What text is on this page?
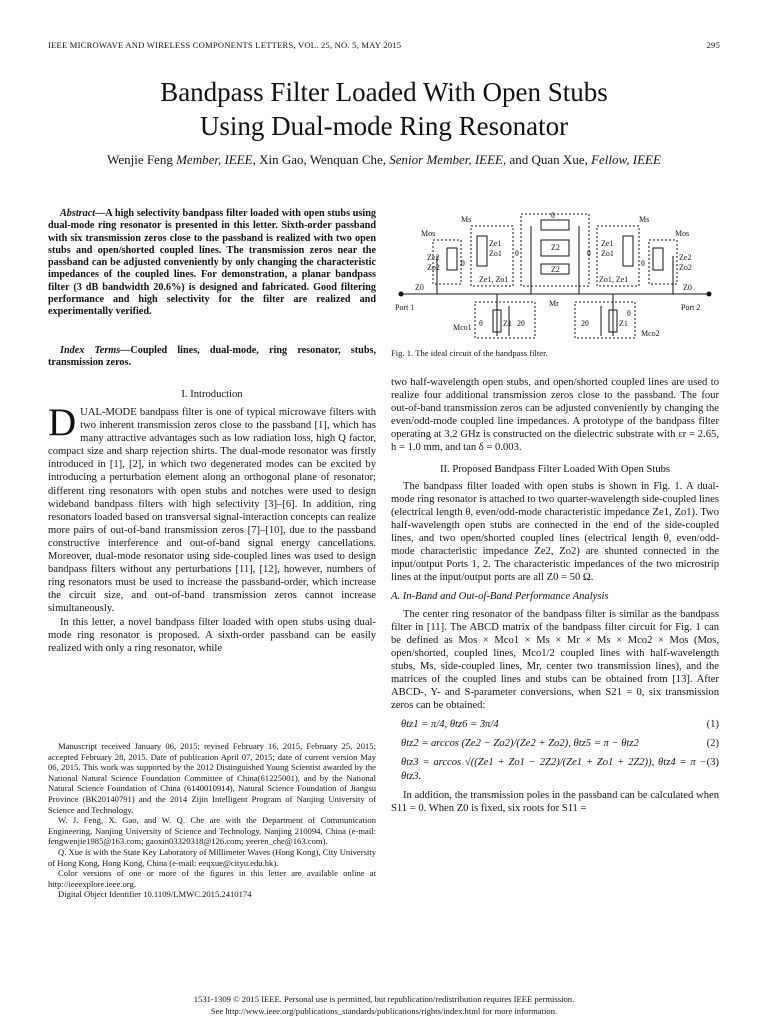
IEEE MICROWAVE AND WIRELESS COMPONENTS LETTERS, VOL. 25, NO. 5, MAY 2015	295
Bandpass Filter Loaded With Open Stubs
Using Dual-mode Ring Resonator
Wenjie Feng Member, IEEE, Xin Gao, Wenquan Che, Senior Member, IEEE, and Quan Xue, Fellow, IEEE

Abstract—A high selectivity bandpass filter loaded with open stubs using dual-mode ring resonator is presented in this letter. Sixth-order passband with six transmission zeros close to the passband is realized with two open stubs and open/shorted coupled lines. The transmission zeros near the passband can be adjusted conveniently by only changing the characteristic impedances of the coupled lines. For demonstration, a planar bandpass filter (3 dB bandwidth 20.6%) is designed and fabricated. Good filtering performance and high selectivity for the filter are realized and experimentally verified.

Index Terms—Coupled lines, dual-mode, ring resonator, stubs, transmission zeros.

I. Introduction

DUAL-MODE bandpass filter is one of typical microwave filters with two inherent transmission zeros close to the passband [1], which has many attractive advantages such as low radiation loss, high Q factor, compact size and sharp rejection shirts. The dual-mode resonator was firstly introduced in [1], [2], in which two degenerated modes can be excited by introducing a perturbation element along an orthogonal plane of resonator; different ring resonators with open stubs and notches were used to design wideband bandpass filters with high selectivity [3]–[6]. In addition, ring resonators loaded based on transversal signal-interaction concepts can realize more pairs of out-of-band transmission zeros [7]–[10], due to the passband constructive interference and out-of-band signal energy cancellations. Moreover, dual-mode resonator using side-coupled lines was used to design bandpass filters without any perturbations [11], [12], however, numbers of ring resonators must be used to increase the passband-order, which increase the circuit size, and out-of-band transmission zeros cannot increase simultaneously.

In this letter, a novel bandpass filter loaded with open stubs using dual-mode ring resonator is proposed. A sixth-order passband can be easily realized with only a ring resonator, while

Manuscript received January 06, 2015; revised February 16, 2015, February 25, 2015; accepted February 28, 2015. Date of publication April 07, 2015; date of current version May 06, 2015. This work was supported by the 2012 Distinguished Young Scientist awarded by the National Natural Science Foundation Committee of China(61225001), and by the National Natural Science Foundation of China (6140010914), Natural Science Foundation of Jiangsu Province (BK20140791) and the 2014 Zijin Intelligent Program of Nanjing University of Science and Technology.

W. J. Feng, X. Gao, and W. Q. Che are with the Department of Communication Engineering, Nanjing University of Science and Technology, Nanjing 210094, China (e-mail: fengwenjie1985@163.com; gaoxin03320318@126.com; yeeren_che@163.com).

Q. Xue is with the State Key Laboratory of Millimeter Waves (Hong Kong), City University of Hong Kong, Hong Kong, China (e-mail: eeqxue@cityu.edu.hk).

Color versions of one or more of the figures in this letter are available online at http://ieeexplore.ieee.org.

Digital Object Identifier 10.1109/LMWC.2015.2410174

Port 1	Port 2
Z0	Z0
Mos	Mos
Ms	Ms
Ze2
Zo2
Ze2
Zo2
Ze1
Zo1
Ze1
Zo1
Ze1, Zo1	Zo1, Ze1
θ
Z2
Z2
θ	θ
θ	θ
Mr
θ	Z1 2θ	2θ	Z1
θ
Mco1
Mco2
Fig. 1. The ideal circuit of the bandpass filter.

two half-wavelength open stubs, and open/shorted coupled lines are used to realize four additional transmission zeros close to the passband. The four out-of-band transmission zeros can be adjusted conveniently by changing the even/odd-mode coupled line impedances. A prototype of the bandpass filter operating at 3.2 GHz is constructed on the dielectric substrate with εr = 2.65, h = 1.0 mm, and tan δ = 0.003.

II. Proposed Bandpass Filter Loaded With Open Stubs

The bandpass filter loaded with open stubs is shown in Fig. 1. A dual-mode ring resonator is attached to two quarter-wavelength side-coupled lines (electrical length θ, even/odd-mode characteristic impedance Ze1, Zo1). Two half-wavelength open stubs are connected in the end of the side-coupled lines, and two open/shorted coupled lines (electrical length θ, even/odd-mode characteristic impedance Ze2, Zo2) are shunted connected in the input/output Ports 1, 2. The characteristic impedances of the two microstrip lines at the input/output ports are all Z0 = 50 Ω.

A. In-Band and Out-of-Band Performance Analysis

The center ring resonator of the bandpass filter is similar as the bandpass filter in [11]. The ABCD matrix of the bandpass filter circuit for Fig. 1 can be defined as Mos × Mco1 × Ms × Mr × Ms × Mco2 × Mos (Mos, open/shorted, coupled lines, Mco1/2 coupled lines with half-wavelength stubs, Ms, side-coupled lines, Mr, center two transmission lines), and the matrices of the coupled lines and stubs can be obtained from [13]. After ABCD-, Y- and S-parameter conversions, when S21 = 0, six transmission zeros can be obtained:

θtz1 = π/4, θtz6 = 3π/4	(1)
θtz2 = arccos (Ze2 − Zo2)/(Ze2 + Zo2), θtz5 = π − θtz2	(2)
θtz3 = arccos √((Ze1 + Zo1 − 2Z2)/(Ze1 + Zo1 + 2Z2)), θtz4 = π − θtz3.
(3)

In addition, the transmission poles in the passband can be calculated when S11 = 0. When Z0 is fixed, six roots for S11 =

1531-1309 © 2015 IEEE. Personal use is permitted, but republication/redistribution requires IEEE permission.
See http://www.ieee.org/publications_standards/publications/rights/index.html for more information.
